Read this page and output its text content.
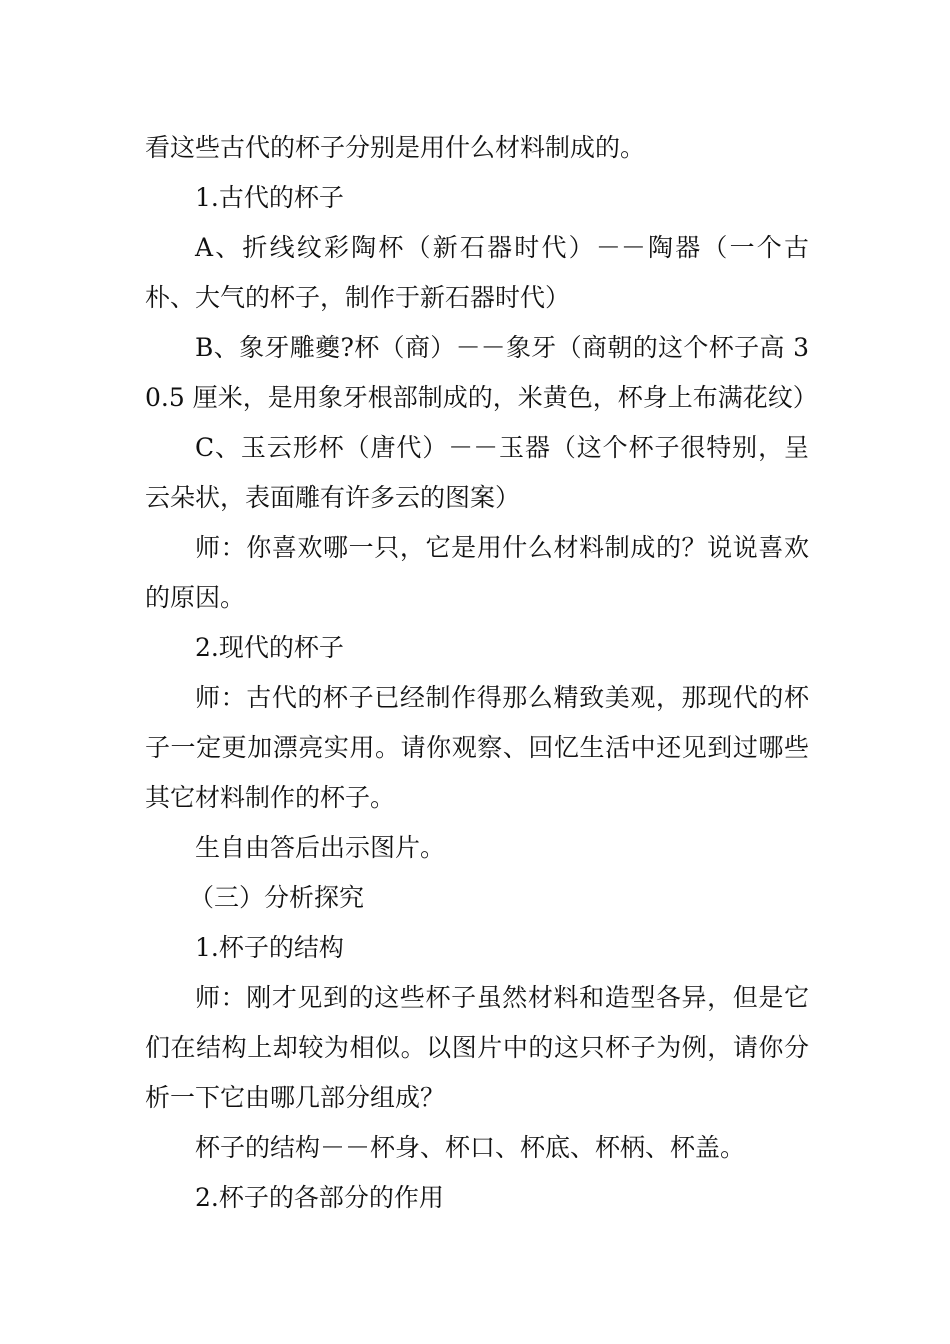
看这些古代的杯子分别是用什么材料制成的。

1.古代的杯子

A、折线纹彩陶杯（新石器时代）－－陶器（一个古朴、大气的杯子，制作于新石器时代）

B、象牙雕夔?杯（商）－－象牙（商朝的这个杯子高 30.5 厘米，是用象牙根部制成的，米黄色，杯身上布满花纹）

C、玉云形杯（唐代）－－玉器（这个杯子很特别，呈云朵状，表面雕有许多云的图案）

师：你喜欢哪一只，它是用什么材料制成的？说说喜欢的原因。

2.现代的杯子

师：古代的杯子已经制作得那么精致美观，那现代的杯子一定更加漂亮实用。请你观察、回忆生活中还见到过哪些其它材料制作的杯子。

生自由答后出示图片。

（三）分析探究

1.杯子的结构

师：刚才见到的这些杯子虽然材料和造型各异，但是它们在结构上却较为相似。以图片中的这只杯子为例，请你分析一下它由哪几部分组成？

杯子的结构－－杯身、杯口、杯底、杯柄、杯盖。

2.杯子的各部分的作用
